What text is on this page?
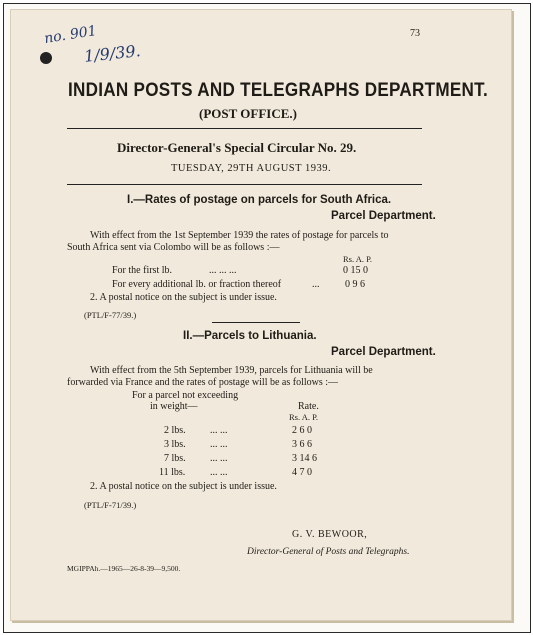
no. 901
1/9/39.
73
INDIAN POSTS AND TELEGRAPHS DEPARTMENT.
(POST OFFICE.)
Director-General's Special Circular No. 29.
TUESDAY, 29TH AUGUST 1939.
I.—Rates of postage on parcels for South Africa.
Parcel Department.
With effect from the 1st September 1939 the rates of postage for parcels to
South Africa sent via Colombo will be as follows :—
Rs. A. P.
For the first lb.	... ... ...	0 15 0
For every additional lb. or fraction thereof	...	0 9 6
2. A postal notice on the subject is under issue.
(PTL/F-77/39.)
II.—Parcels to Lithuania.
Parcel Department.
With effect from the 5th September 1939, parcels for Lithuania will be
forwarded via France and the rates of postage will be as follows :—
For a parcel not exceeding
in weight—	Rate.
Rs. A. P.
2 lbs. ... ...	2 6 0
3 lbs. ... ...	3 6 6
7 lbs. ... ...	3 14 6
11 lbs. ... ...	4 7 0
2. A postal notice on the subject is under issue.
(PTL/F-71/39.)
G. V. BEWOOR,
Director-General of Posts and Telegraphs.
MGIPPAh.—1965—26-8-39—9,500.
